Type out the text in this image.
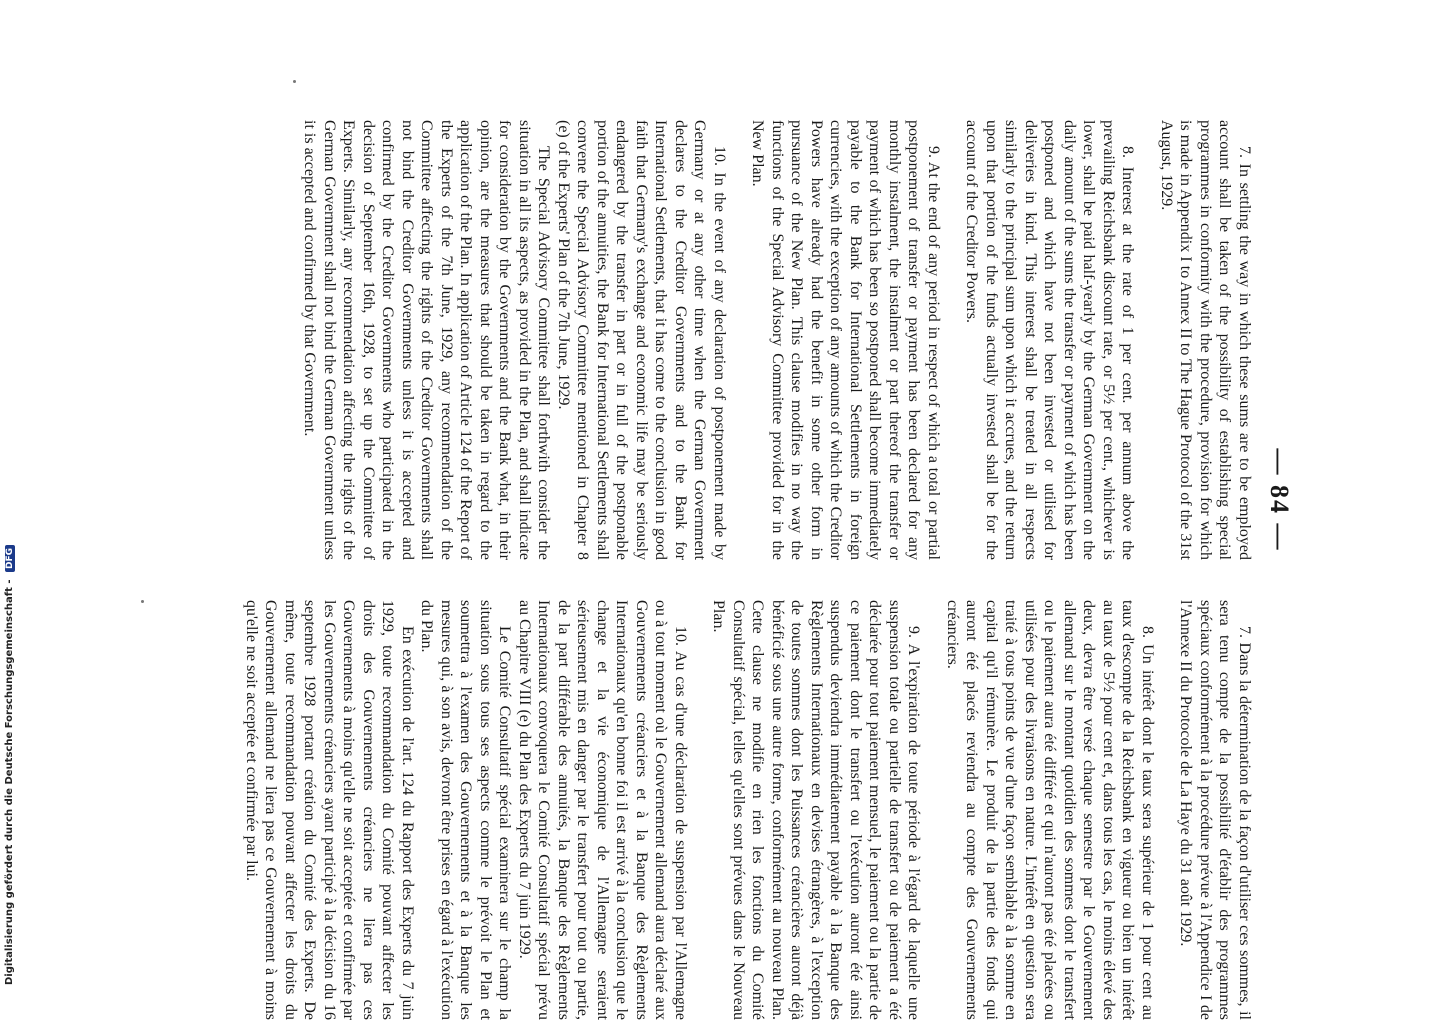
— 84 —

7. In settling the way in which these sums are to be employed account shall be taken of the possibility of establishing special programmes in conformity with the procedure, provision for which is made in Appendix I to Annex II to The Hague Protocol of the 31st August, 1929.

8. Interest at the rate of 1 per cent. per annum above the prevailing Reichsbank discount rate, or 5½ per cent., whichever is lower, shall be paid half-yearly by the German Government on the daily amount of the sums the transfer or payment of which has been postponed and which have not been invested or utilised for deliveries in kind. This interest shall be treated in all respects similarly to the principal sum upon which it accrues, and the return upon that portion of the funds actually invested shall be for the account of the Creditor Powers.

9. At the end of any period in respect of which a total or partial postponement of transfer or payment has been declared for any monthly instalment, the instalment or part thereof the transfer or payment of which has been so postponed shall become immediately payable to the Bank for International Settlements in foreign currencies, with the exception of any amounts of which the Creditor Powers have already had the benefit in some other form in pursuance of the New Plan. This clause modifies in no way the functions of the Special Advisory Committee provided for in the New Plan.

10. In the event of any declaration of postponement made by Germany or at any other time when the German Government declares to the Creditor Governments and to the Bank for International Settlements, that it has come to the conclusion in good faith that Germany's exchange and economic life may be seriously endangered by the transfer in part or in full of the postponable portion of the annuities, the Bank for International Settlements shall convene the Special Advisory Committee mentioned in Chapter 8 (e) of the Experts' Plan of the 7th June, 1929.

The Special Advisory Committee shall forthwith consider the situation in all its aspects, as provided in the Plan, and shall indicate for consideration by the Governments and the Bank what, in their opinion, are the measures that should be taken in regard to the application of the Plan. In application of Article 124 of the Report of the Experts of the 7th June, 1929, any recommendation of the Committee affecting the rights of the Creditor Governments shall not bind the Creditor Governments unless it is accepted and confirmed by the Creditor Governments who participated in the decision of September 16th, 1928, to set up the Committee of Experts. Similarly, any recommendation affecting the rights of the German Government shall not bind the German Government unless it is accepted and confirmed by that Government.

7. Dans la détermination de la façon d'utiliser ces sommes, il sera tenu compte de la possibilité d'établir des programmes spéciaux conformément à la procédure prévue à l'Appendice I de l'Annexe II du Protocole de La Haye du 31 août 1929.

8. Un intérêt dont le taux sera supérieur de 1 pour cent au taux d'escompte de la Reichsbank en vigueur ou bien un intérêt au taux de 5½ pour cent et, dans tous les cas, le moins élevé des deux, devra être versé chaque semestre par le Gouvernement allemand sur le montant quotidien des sommes dont le transfert ou le paiement aura été différé et qui n'auront pas été placées ou utilisées pour des livraisons en nature. L'intérêt en question sera traité à tous points de vue d'une façon semblable à la somme en capital qu'il rémunère. Le produit de la partie des fonds qui auront été placés reviendra au compte des Gouvernements créanciers.

9. A l'expiration de toute période à l'égard de laquelle une suspension totale ou partielle de transfert ou de paiement a été déclarée pour tout paiement mensuel, le paiement ou la partie de ce paiement dont le transfert ou l'exécution auront été ainsi suspendus deviendra immédiatement payable à la Banque des Règlements Internationaux en devises étrangères, à l'exception de toutes sommes dont les Puissances créancières auront déjà bénéficié sous une autre forme, conformément au nouveau Plan. Cette clause ne modifie en rien les fonctions du Comité Consultatif spécial, telles qu'elles sont prévues dans le Nouveau Plan.

10. Au cas d'une déclaration de suspension par l'Allemagne ou à tout moment où le Gouvernement allemand aura déclaré aux Gouvernements créanciers et à la Banque des Règlements Internationaux qu'en bonne foi il est arrivé à la conclusion que le change et la vie économique de l'Allemagne seraient sérieusement mis en danger par le transfert pour tout ou partie, de la part différable des annuités, la Banque des Règlements Internationaux convoquera le Comité Consultatif spécial prévu au Chapitre VIII (e) du Plan des Experts du 7 juin 1929.

Le Comité Consultatif spécial examinera sur le champ la situation sous tous ses aspects comme le prévoit le Plan et soumettra à l'examen des Gouvernements et à la Banque les mesures qui, à son avis, devront être prises en égard à l'exécution du Plan.

En exécution de l'art. 124 du Rapport des Experts du 7 juin 1929, toute recommandation du Comité pouvant affecter les droits des Gouvernements créanciers ne liera pas ces Gouvernements à moins qu'elle ne soit acceptée et confirmée par les Gouvernements créanciers ayant participé à la décision du 16 septembre 1928 portant création du Comité des Experts. De même, toute recommandation pouvant affecter les droits du Gouvernement allemand ne liera pas ce Gouvernement à moins qu'elle ne soit acceptée et confirmée par lui.

Digitalisierung gefördert durch die Deutsche Forschungsgemeinschaft - DFG
